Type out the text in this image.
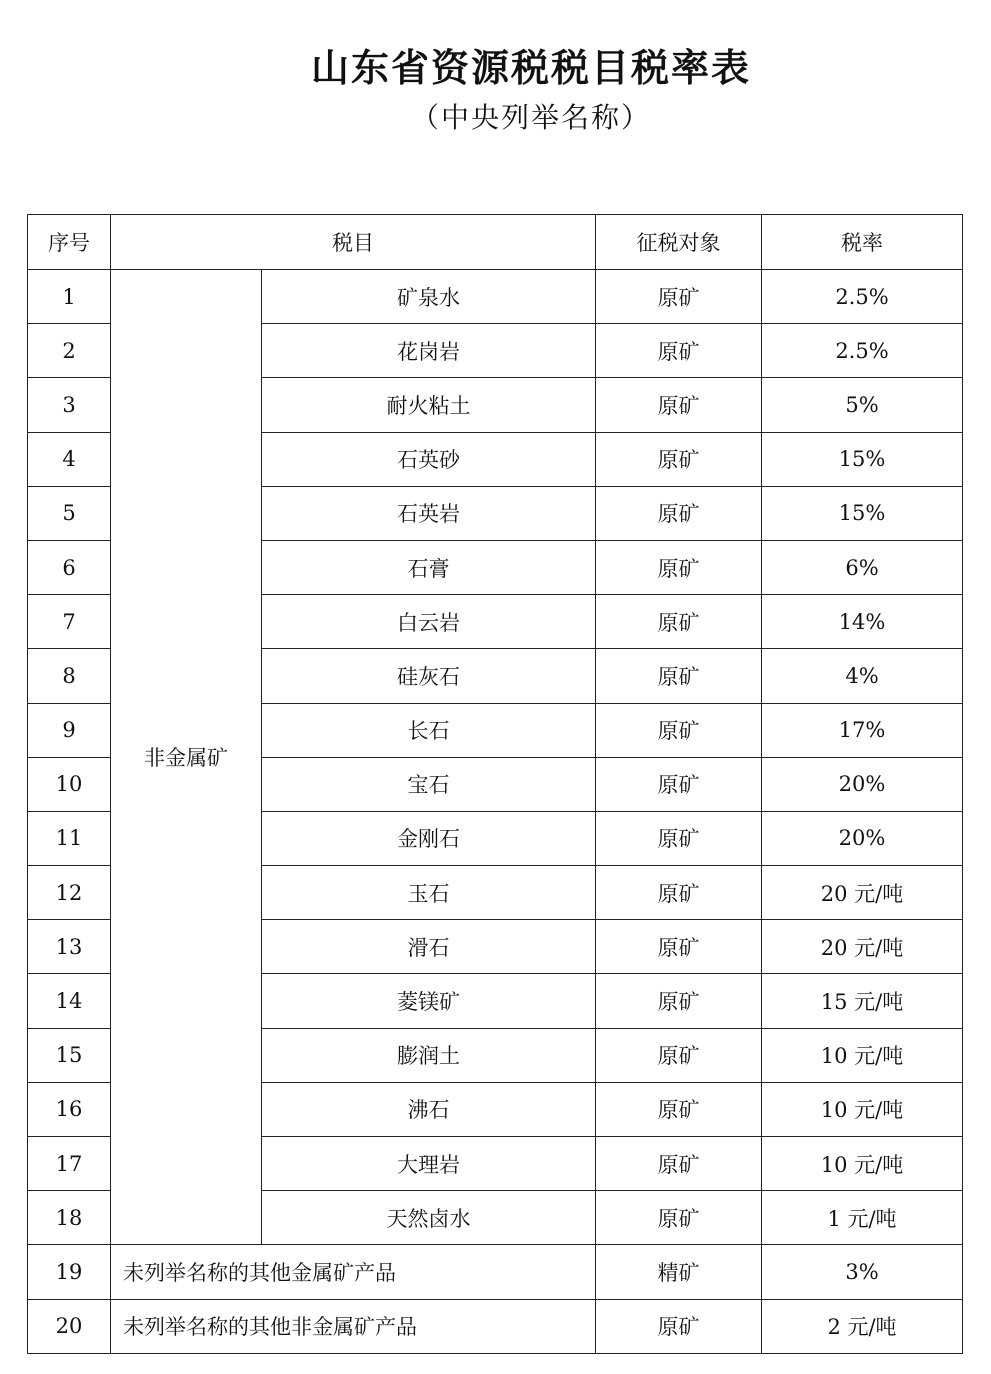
山东省资源税税目税率表
（中央列举名称）
序号	税目		征税对象	税率
1	非金属矿	矿泉水	原矿	2.5%
2		花岗岩	原矿	2.5%
3		耐火粘土	原矿	5%
4		石英砂	原矿	15%
5		石英岩	原矿	15%
6		石膏	原矿	6%
7		白云岩	原矿	14%
8		硅灰石	原矿	4%
9		长石	原矿	17%
10		宝石	原矿	20%
11		金刚石	原矿	20%
12		玉石	原矿	20 元/吨
13		滑石	原矿	20 元/吨
14		菱镁矿	原矿	15 元/吨
15		膨润土	原矿	10 元/吨
16		沸石	原矿	10 元/吨
17		大理岩	原矿	10 元/吨
18		天然卤水	原矿	1 元/吨
19	未列举名称的其他金属矿产品		精矿	3%
20	未列举名称的其他非金属矿产品		原矿	2 元/吨
